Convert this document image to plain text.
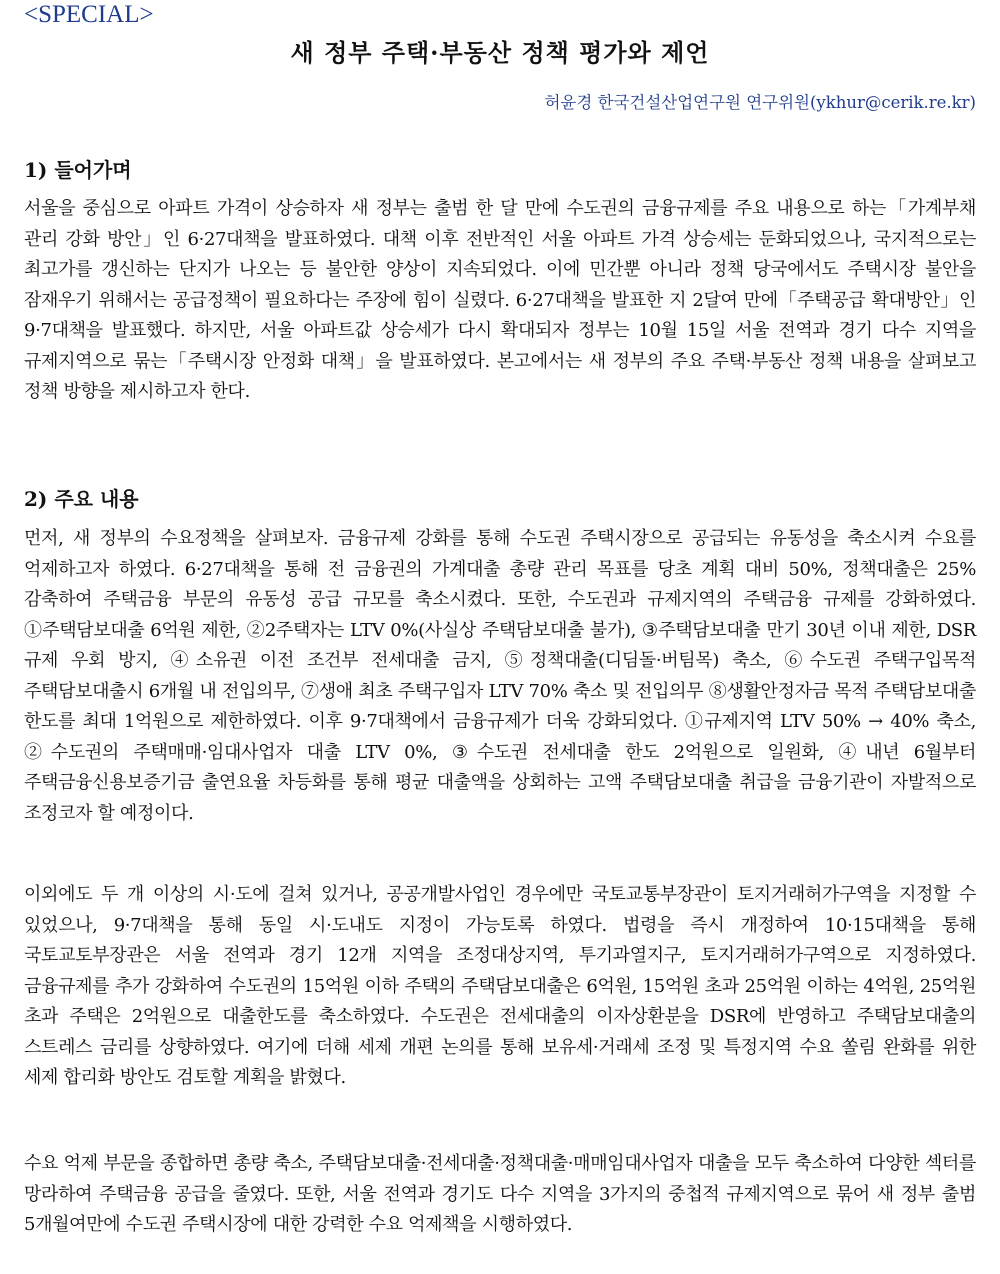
<SPECIAL>
새 정부 주택·부동산 정책 평가와 제언
허윤경 한국건설산업연구원 연구위원(ykhur@cerik.re.kr)
1) 들어가며

서울을 중심으로 아파트 가격이 상승하자 새 정부는 출범 한 달 만에 수도권의 금융규제를 주요 내용으로 하는「가계부채 관리 강화 방안」인 6·27대책을 발표하였다. 대책 이후 전반적인 서울 아파트 가격 상승세는 둔화되었으나, 국지적으로는 최고가를 갱신하는 단지가 나오는 등 불안한 양상이 지속되었다. 이에 민간뿐 아니라 정책 당국에서도 주택시장 불안을 잠재우기 위해서는 공급정책이 필요하다는 주장에 힘이 실렸다. 6·27대책을 발표한 지 2달여 만에「주택공급 확대방안」인 9·7대책을 발표했다. 하지만, 서울 아파트값 상승세가 다시 확대되자 정부는 10월 15일 서울 전역과 경기 다수 지역을 규제지역으로 묶는「주택시장 안정화 대책」을 발표하였다. 본고에서는 새 정부의 주요 주택·부동산 정책 내용을 살펴보고 정책 방향을 제시하고자 한다.

2) 주요 내용

먼저, 새 정부의 수요정책을 살펴보자. 금융규제 강화를 통해 수도권 주택시장으로 공급되는 유동성을 축소시켜 수요를 억제하고자 하였다. 6·27대책을 통해 전 금융권의 가계대출 총량 관리 목표를 당초 계획 대비 50%, 정책대출은 25% 감축하여 주택금융 부문의 유동성 공급 규모를 축소시켰다. 또한, 수도권과 규제지역의 주택금융 규제를 강화하였다. ①주택담보대출 6억원 제한, ②2주택자는 LTV 0%(사실상 주택담보대출 불가), ③주택담보대출 만기 30년 이내 제한, DSR 규제 우회 방지, ④소유권 이전 조건부 전세대출 금지, ⑤정책대출(디딤돌·버팀목) 축소, ⑥수도권 주택구입목적 주택담보대출시 6개월 내 전입의무, ⑦생애 최초 주택구입자 LTV 70% 축소 및 전입의무 ⑧생활안정자금 목적 주택담보대출 한도를 최대 1억원으로 제한하였다. 이후 9·7대책에서 금융규제가 더욱 강화되었다. ①규제지역 LTV 50% → 40% 축소, ②수도권의 주택매매·임대사업자 대출 LTV 0%, ③수도권 전세대출 한도 2억원으로 일원화, ④내년 6월부터 주택금융신용보증기금 출연요율 차등화를 통해 평균 대출액을 상회하는 고액 주택담보대출 취급을 금융기관이 자발적으로 조정코자 할 예정이다.

이외에도 두 개 이상의 시·도에 걸쳐 있거나, 공공개발사업인 경우에만 국토교통부장관이 토지거래허가구역을 지정할 수 있었으나, 9·7대책을 통해 동일 시·도내도 지정이 가능토록 하였다. 법령을 즉시 개정하여 10·15대책을 통해 국토교토부장관은 서울 전역과 경기 12개 지역을 조정대상지역, 투기과열지구, 토지거래허가구역으로 지정하였다. 금융규제를 추가 강화하여 수도권의 15억원 이하 주택의 주택담보대출은 6억원, 15억원 초과 25억원 이하는 4억원, 25억원 초과 주택은 2억원으로 대출한도를 축소하였다. 수도권은 전세대출의 이자상환분을 DSR에 반영하고 주택담보대출의 스트레스 금리를 상향하였다. 여기에 더해 세제 개편 논의를 통해 보유세·거래세 조정 및 특정지역 수요 쏠림 완화를 위한 세제 합리화 방안도 검토할 계획을 밝혔다.

수요 억제 부문을 종합하면 총량 축소, 주택담보대출·전세대출·정책대출·매매임대사업자 대출을 모두 축소하여 다양한 섹터를 망라하여 주택금융 공급을 줄였다. 또한, 서울 전역과 경기도 다수 지역을 3가지의 중첩적 규제지역으로 묶어 새 정부 출범 5개월여만에 수도권 주택시장에 대한 강력한 수요 억제책을 시행하였다.
